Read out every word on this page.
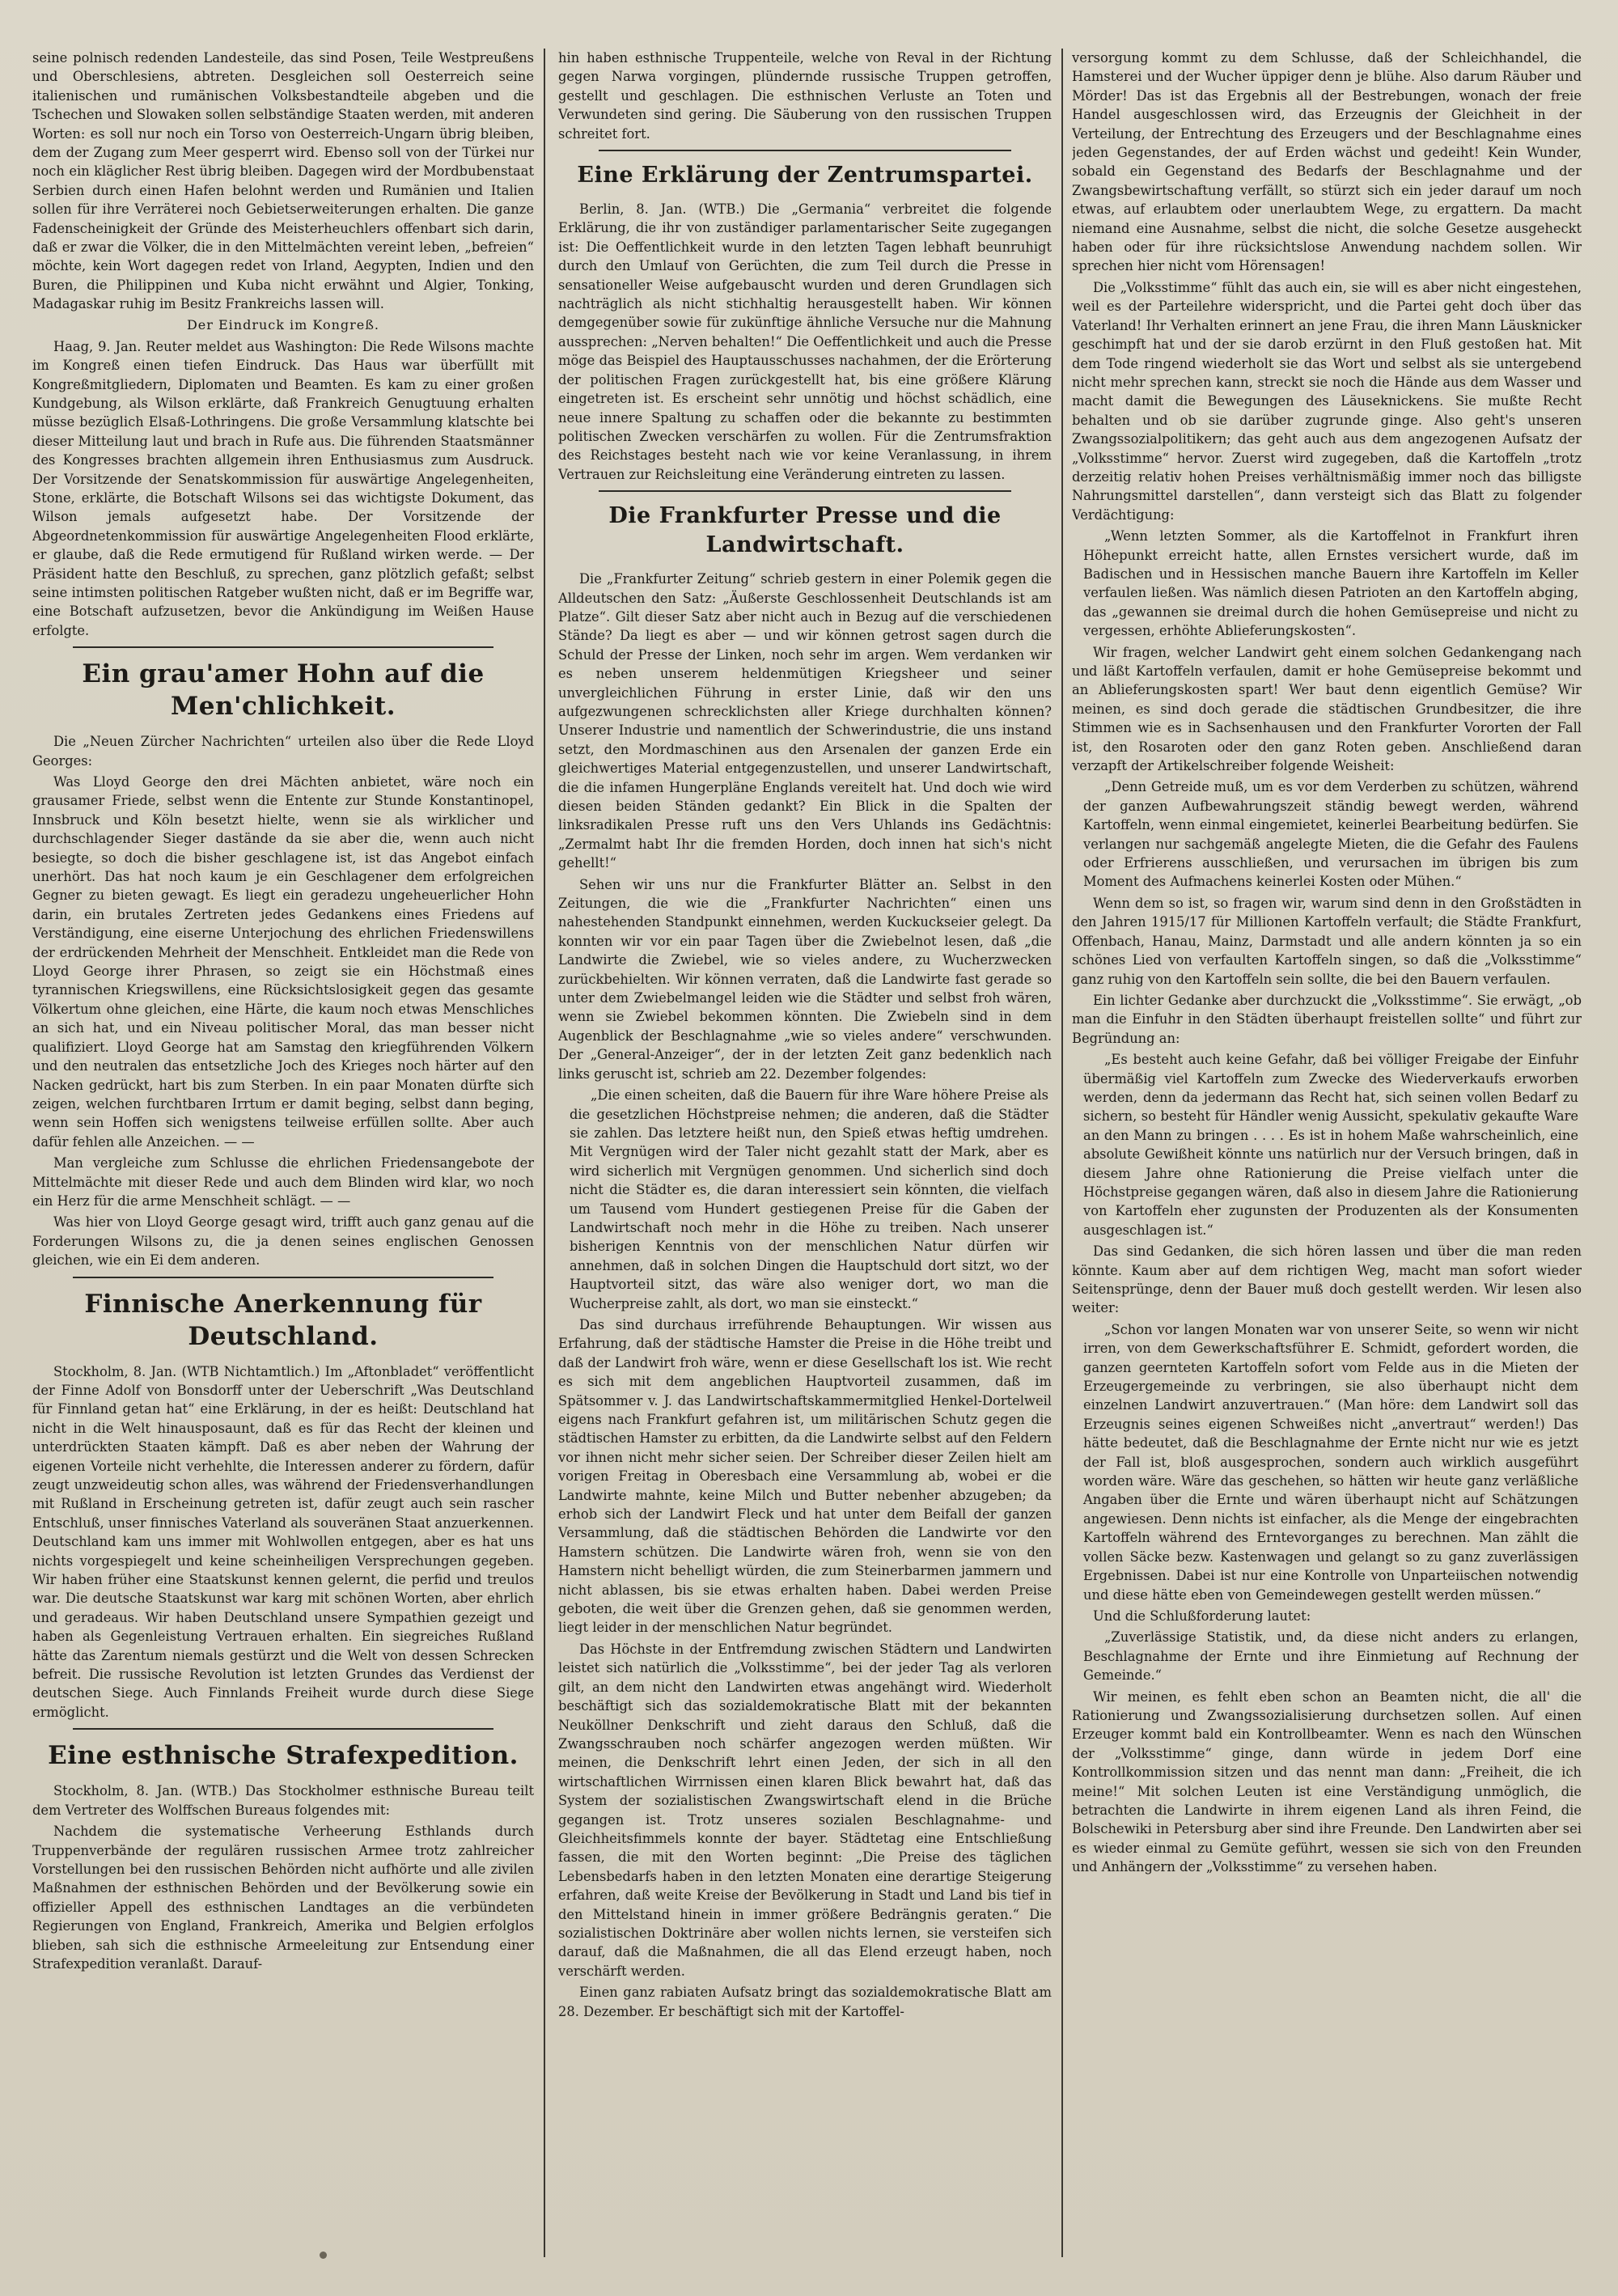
seine polnisch redenden Landesteile, das sind Posen, Teile Westpreußens und Oberschlesiens, abtreten. Desgleichen soll Oesterreich seine italienischen und rumänischen Volksbestandteile abgeben und die Tschechen und Slowaken sollen selbständige Staaten werden, mit anderen Worten: es soll nur noch ein Torso von Oesterreich-Ungarn übrig bleiben, dem der Zugang zum Meer gesperrt wird. Ebenso soll von der Türkei nur noch ein kläglicher Rest übrig bleiben. Dagegen wird der Mordbubenstaat Serbien durch einen Hafen belohnt werden und Rumänien und Italien sollen für ihre Verräterei noch Gebietserweiterungen erhalten. Die ganze Fadenscheinigkeit der Gründe des Meisterheuchlers offenbart sich darin, daß er zwar die Völker, die in den Mittelmächten vereint leben, „befreien“ möchte, kein Wort dagegen redet von Irland, Aegypten, Indien und den Buren, die Philippinen und Kuba nicht erwähnt und Algier, Tonking, Madagaskar ruhig im Besitz Frankreichs lassen will.

Der Eindruck im Kongreß.

Haag, 9. Jan. Reuter meldet aus Washington: Die Rede Wilsons machte im Kongreß einen tiefen Eindruck. Das Haus war überfüllt mit Kongreßmitgliedern, Diplomaten und Beamten. Es kam zu einer großen Kundgebung, als Wilson erklärte, daß Frankreich Genugtuung erhalten müsse bezüglich Elsaß-Lothringens. Die große Versammlung klatschte bei dieser Mitteilung laut und brach in Rufe aus. Die führenden Staatsmänner des Kongresses brachten allgemein ihren Enthusiasmus zum Ausdruck. Der Vorsitzende der Senatskommission für auswärtige Angelegenheiten, Stone, erklärte, die Botschaft Wilsons sei das wichtigste Dokument, das Wilson jemals aufgesetzt habe. Der Vorsitzende der Abgeordnetenkommission für auswärtige Angelegenheiten Flood erklärte, er glaube, daß die Rede ermutigend für Rußland wirken werde. — Der Präsident hatte den Beschluß, zu sprechen, ganz plötzlich gefaßt; selbst seine intimsten politischen Ratgeber wußten nicht, daß er im Begriffe war, eine Botschaft aufzusetzen, bevor die Ankündigung im Weißen Hause erfolgte.

Ein grau'amer Hohn auf die Men'chlichkeit.

Die „Neuen Zürcher Nachrichten“ urteilen also über die Rede Lloyd Georges:

Was Lloyd George den drei Mächten anbietet, wäre noch ein grausamer Friede, selbst wenn die Entente zur Stunde Konstantinopel, Innsbruck und Köln besetzt hielte, wenn sie als wirklicher und durchschlagender Sieger dastände da sie aber die, wenn auch nicht besiegte, so doch die bisher geschlagene ist, ist das Angebot einfach unerhört. Das hat noch kaum je ein Geschlagener dem erfolgreichen Gegner zu bieten gewagt. Es liegt ein geradezu ungeheuerlicher Hohn darin, ein brutales Zertreten jedes Gedankens eines Friedens auf Verständigung, eine eiserne Unterjochung des ehrlichen Friedenswillens der erdrückenden Mehrheit der Menschheit. Entkleidet man die Rede von Lloyd George ihrer Phrasen, so zeigt sie ein Höchstmaß eines tyrannischen Kriegswillens, eine Rücksichtslosigkeit gegen das gesamte Völkertum ohne gleichen, eine Härte, die kaum noch etwas Menschliches an sich hat, und ein Niveau politischer Moral, das man besser nicht qualifiziert. Lloyd George hat am Samstag den kriegführenden Völkern und den neutralen das entsetzliche Joch des Krieges noch härter auf den Nacken gedrückt, hart bis zum Sterben. In ein paar Monaten dürfte sich zeigen, welchen furchtbaren Irrtum er damit beging, selbst dann beging, wenn sein Hoffen sich wenigstens teilweise erfüllen sollte. Aber auch dafür fehlen alle Anzeichen. — —

Man vergleiche zum Schlusse die ehrlichen Friedensangebote der Mittelmächte mit dieser Rede und auch dem Blinden wird klar, wo noch ein Herz für die arme Menschheit schlägt. — —

Was hier von Lloyd George gesagt wird, trifft auch ganz genau auf die Forderungen Wilsons zu, die ja denen seines englischen Genossen gleichen, wie ein Ei dem anderen.

Finnische Anerkennung für Deutschland.

Stockholm, 8. Jan. (WTB Nichtamtlich.) Im „Aftonbladet“ veröffentlicht der Finne Adolf von Bonsdorff unter der Ueberschrift „Was Deutschland für Finnland getan hat“ eine Erklärung, in der es heißt: Deutschland hat nicht in die Welt hinausposaunt, daß es für das Recht der kleinen und unterdrückten Staaten kämpft. Daß es aber neben der Wahrung der eigenen Vorteile nicht verhehlte, die Interessen anderer zu fördern, dafür zeugt unzweideutig schon alles, was während der Friedensverhandlungen mit Rußland in Erscheinung getreten ist, dafür zeugt auch sein rascher Entschluß, unser finnisches Vaterland als souveränen Staat anzuerkennen. Deutschland kam uns immer mit Wohlwollen entgegen, aber es hat uns nichts vorgespiegelt und keine scheinheiligen Versprechungen gegeben. Wir haben früher eine Staatskunst kennen gelernt, die perfid und treulos war. Die deutsche Staatskunst war karg mit schönen Worten, aber ehrlich und geradeaus. Wir haben Deutschland unsere Sympathien gezeigt und haben als Gegenleistung Vertrauen erhalten. Ein siegreiches Rußland hätte das Zarentum niemals gestürzt und die Welt von dessen Schrecken befreit. Die russische Revolution ist letzten Grundes das Verdienst der deutschen Siege. Auch Finnlands Freiheit wurde durch diese Siege ermöglicht.

Eine esthnische Strafexpedition.

Stockholm, 8. Jan. (WTB.) Das Stockholmer esthnische Bureau teilt dem Vertreter des Wolffschen Bureaus folgendes mit:

Nachdem die systematische Verheerung Esthlands durch Truppenverbände der regulären russischen Armee trotz zahlreicher Vorstellungen bei den russischen Behörden nicht aufhörte und alle zivilen Maßnahmen der esthnischen Behörden und der Bevölkerung sowie ein offizieller Appell des esthnischen Landtages an die verbündeten Regierungen von England, Frankreich, Amerika und Belgien erfolglos blieben, sah sich die esthnische Armeeleitung zur Entsendung einer Strafexpedition veranlaßt. Darauf-

hin haben esthnische Truppenteile, welche von Reval in der Richtung gegen Narwa vorgingen, plündernde russische Truppen getroffen, gestellt und geschlagen. Die esthnischen Verluste an Toten und Verwundeten sind gering. Die Säuberung von den russischen Truppen schreitet fort.

Eine Erklärung der Zentrumspartei.

Berlin, 8. Jan. (WTB.) Die „Germania“ verbreitet die folgende Erklärung, die ihr von zuständiger parlamentarischer Seite zugegangen ist: Die Oeffentlichkeit wurde in den letzten Tagen lebhaft beunruhigt durch den Umlauf von Gerüchten, die zum Teil durch die Presse in sensationeller Weise aufgebauscht wurden und deren Grundlagen sich nachträglich als nicht stichhaltig herausgestellt haben. Wir können demgegenüber sowie für zukünftige ähnliche Versuche nur die Mahnung aussprechen: „Nerven behalten!“ Die Oeffentlichkeit und auch die Presse möge das Beispiel des Hauptausschusses nachahmen, der die Erörterung der politischen Fragen zurückgestellt hat, bis eine größere Klärung eingetreten ist. Es erscheint sehr unnötig und höchst schädlich, eine neue innere Spaltung zu schaffen oder die bekannte zu bestimmten politischen Zwecken verschärfen zu wollen. Für die Zentrumsfraktion des Reichstages besteht nach wie vor keine Veranlassung, in ihrem Vertrauen zur Reichsleitung eine Veränderung eintreten zu lassen.

Die Frankfurter Presse und die Landwirtschaft.

Die „Frankfurter Zeitung“ schrieb gestern in einer Polemik gegen die Alldeutschen den Satz: „Äußerste Geschlossenheit Deutschlands ist am Platze“. Gilt dieser Satz aber nicht auch in Bezug auf die verschiedenen Stände? Da liegt es aber — und wir können getrost sagen durch die Schuld der Presse der Linken, noch sehr im argen. Wem verdanken wir es neben unserem heldenmütigen Kriegsheer und seiner unvergleichlichen Führung in erster Linie, daß wir den uns aufgezwungenen schrecklichsten aller Kriege durchhalten können? Unserer Industrie und namentlich der Schwerindustrie, die uns instand setzt, den Mordmaschinen aus den Arsenalen der ganzen Erde ein gleichwertiges Material entgegenzustellen, und unserer Landwirtschaft, die die infamen Hungerpläne Englands vereitelt hat. Und doch wie wird diesen beiden Ständen gedankt? Ein Blick in die Spalten der linksradikalen Presse ruft uns den Vers Uhlands ins Gedächtnis: „Zermalmt habt Ihr die fremden Horden, doch innen hat sich's nicht gehellt!“

Sehen wir uns nur die Frankfurter Blätter an. Selbst in den Zeitungen, die wie die „Frankfurter Nachrichten“ einen uns nahestehenden Standpunkt einnehmen, werden Kuckuckseier gelegt. Da konnten wir vor ein paar Tagen über die Zwiebelnot lesen, daß „die Landwirte die Zwiebel, wie so vieles andere, zu Wucherzwecken zurückbehielten. Wir können verraten, daß die Landwirte fast gerade so unter dem Zwiebelmangel leiden wie die Städter und selbst froh wären, wenn sie Zwiebel bekommen könnten. Die Zwiebeln sind in dem Augenblick der Beschlagnahme „wie so vieles andere“ verschwunden. Der „General-Anzeiger“, der in der letzten Zeit ganz bedenklich nach links geruscht ist, schrieb am 22. Dezember folgendes:

„Die einen scheiten, daß die Bauern für ihre Ware höhere Preise als die gesetzlichen Höchstpreise nehmen; die anderen, daß die Städter sie zahlen. Das letztere heißt nun, den Spieß etwas heftig umdrehen. Mit Vergnügen wird der Taler nicht gezahlt statt der Mark, aber es wird sicherlich mit Vergnügen genommen. Und sicherlich sind doch nicht die Städter es, die daran interessiert sein könnten, die vielfach um Tausend vom Hundert gestiegenen Preise für die Gaben der Landwirtschaft noch mehr in die Höhe zu treiben. Nach unserer bisherigen Kenntnis von der menschlichen Natur dürfen wir annehmen, daß in solchen Dingen die Hauptschuld dort sitzt, wo der Hauptvorteil sitzt, das wäre also weniger dort, wo man die Wucherpreise zahlt, als dort, wo man sie einsteckt.“

Das sind durchaus irreführende Behauptungen. Wir wissen aus Erfahrung, daß der städtische Hamster die Preise in die Höhe treibt und daß der Landwirt froh wäre, wenn er diese Gesellschaft los ist. Wie recht es sich mit dem angeblichen Hauptvorteil zusammen, daß im Spätsommer v. J. das Landwirtschaftskammermitglied Henkel-Dortelweil eigens nach Frankfurt gefahren ist, um militärischen Schutz gegen die städtischen Hamster zu erbitten, da die Landwirte selbst auf den Feldern vor ihnen nicht mehr sicher seien. Der Schreiber dieser Zeilen hielt am vorigen Freitag in Oberesbach eine Versammlung ab, wobei er die Landwirte mahnte, keine Milch und Butter nebenher abzugeben; da erhob sich der Landwirt Fleck und hat unter dem Beifall der ganzen Versammlung, daß die städtischen Behörden die Landwirte vor den Hamstern schützen. Die Landwirte wären froh, wenn sie von den Hamstern nicht behelligt würden, die zum Steinerbarmen jammern und nicht ablassen, bis sie etwas erhalten haben. Dabei werden Preise geboten, die weit über die Grenzen gehen, daß sie genommen werden, liegt leider in der menschlichen Natur begründet.

Das Höchste in der Entfremdung zwischen Städtern und Landwirten leistet sich natürlich die „Volksstimme“, bei der jeder Tag als verloren gilt, an dem nicht den Landwirten etwas angehängt wird. Wiederholt beschäftigt sich das sozialdemokratische Blatt mit der bekannten Neuköllner Denkschrift und zieht daraus den Schluß, daß die Zwangsschrauben noch schärfer angezogen werden müßten. Wir meinen, die Denkschrift lehrt einen Jeden, der sich in all den wirtschaftlichen Wirrnissen einen klaren Blick bewahrt hat, daß das System der sozialistischen Zwangswirtschaft elend in die Brüche gegangen ist. Trotz unseres sozialen Beschlagnahme- und Gleichheitsfimmels konnte der bayer. Städtetag eine Entschließung fassen, die mit den Worten beginnt: „Die Preise des täglichen Lebensbedarfs haben in den letzten Monaten eine derartige Steigerung erfahren, daß weite Kreise der Bevölkerung in Stadt und Land bis tief in den Mittelstand hinein in immer größere Bedrängnis geraten.“ Die sozialistischen Doktrinäre aber wollen nichts lernen, sie versteifen sich darauf, daß die Maßnahmen, die all das Elend erzeugt haben, noch verschärft werden.

Einen ganz rabiaten Aufsatz bringt das sozialdemokratische Blatt am 28. Dezember. Er beschäftigt sich mit der Kartoffel-

versorgung kommt zu dem Schlusse, daß der Schleichhandel, die Hamsterei und der Wucher üppiger denn je blühe. Also darum Räuber und Mörder! Das ist das Ergebnis all der Bestrebungen, wonach der freie Handel ausgeschlossen wird, das Erzeugnis der Gleichheit in der Verteilung, der Entrechtung des Erzeugers und der Beschlagnahme eines jeden Gegenstandes, der auf Erden wächst und gedeiht! Kein Wunder, sobald ein Gegenstand des Bedarfs der Beschlagnahme und der Zwangsbewirtschaftung verfällt, so stürzt sich ein jeder darauf um noch etwas, auf erlaubtem oder unerlaubtem Wege, zu ergattern. Da macht niemand eine Ausnahme, selbst die nicht, die solche Gesetze ausgeheckt haben oder für ihre rücksichtslose Anwendung nachdem sollen. Wir sprechen hier nicht vom Hörensagen!

Die „Volksstimme“ fühlt das auch ein, sie will es aber nicht eingestehen, weil es der Parteilehre widerspricht, und die Partei geht doch über das Vaterland! Ihr Verhalten erinnert an jene Frau, die ihren Mann Läusknicker geschimpft hat und der sie darob erzürnt in den Fluß gestoßen hat. Mit dem Tode ringend wiederholt sie das Wort und selbst als sie untergebend nicht mehr sprechen kann, streckt sie noch die Hände aus dem Wasser und macht damit die Bewegungen des Läuseknickens. Sie mußte Recht behalten und ob sie darüber zugrunde ginge. Also geht's unseren Zwangssozialpolitikern; das geht auch aus dem angezogenen Aufsatz der „Volksstimme“ hervor. Zuerst wird zugegeben, daß die Kartoffeln „trotz derzeitig relativ hohen Preises verhältnismäßig immer noch das billigste Nahrungsmittel darstellen“, dann versteigt sich das Blatt zu folgender Verdächtigung:

„Wenn letzten Sommer, als die Kartoffelnot in Frankfurt ihren Höhepunkt erreicht hatte, allen Ernstes versichert wurde, daß im Badischen und in Hessischen manche Bauern ihre Kartoffeln im Keller verfaulen ließen. Was nämlich diesen Patrioten an den Kartoffeln abging, das „gewannen sie dreimal durch die hohen Gemüsepreise und nicht zu vergessen, erhöhte Ablieferungskosten“.

Wir fragen, welcher Landwirt geht einem solchen Gedankengang nach und läßt Kartoffeln verfaulen, damit er hohe Gemüsepreise bekommt und an Ablieferungskosten spart! Wer baut denn eigentlich Gemüse? Wir meinen, es sind doch gerade die städtischen Grundbesitzer, die ihre Stimmen wie es in Sachsenhausen und den Frankfurter Vororten der Fall ist, den Rosaroten oder den ganz Roten geben. Anschließend daran verzapft der Artikelschreiber folgende Weisheit:

„Denn Getreide muß, um es vor dem Verderben zu schützen, während der ganzen Aufbewahrungszeit ständig bewegt werden, während Kartoffeln, wenn einmal eingemietet, keinerlei Bearbeitung bedürfen. Sie verlangen nur sachgemäß angelegte Mieten, die die Gefahr des Faulens oder Erfrierens ausschließen, und verursachen im übrigen bis zum Moment des Aufmachens keinerlei Kosten oder Mühen.“

Wenn dem so ist, so fragen wir, warum sind denn in den Großstädten in den Jahren 1915/17 für Millionen Kartoffeln verfault; die Städte Frankfurt, Offenbach, Hanau, Mainz, Darmstadt und alle andern könnten ja so ein schönes Lied von verfaulten Kartoffeln singen, so daß die „Volksstimme“ ganz ruhig von den Kartoffeln sein sollte, die bei den Bauern verfaulen.

Ein lichter Gedanke aber durchzuckt die „Volksstimme“. Sie erwägt, „ob man die Einfuhr in den Städten überhaupt freistellen sollte“ und führt zur Begründung an:

„Es besteht auch keine Gefahr, daß bei völliger Freigabe der Einfuhr übermäßig viel Kartoffeln zum Zwecke des Wiederverkaufs erworben werden, denn da jedermann das Recht hat, sich seinen vollen Bedarf zu sichern, so besteht für Händler wenig Aussicht, spekulativ gekaufte Ware an den Mann zu bringen . . . . Es ist in hohem Maße wahrscheinlich, eine absolute Gewißheit könnte uns natürlich nur der Versuch bringen, daß in diesem Jahre ohne Rationierung die Preise vielfach unter die Höchstpreise gegangen wären, daß also in diesem Jahre die Rationierung von Kartoffeln eher zugunsten der Produzenten als der Konsumenten ausgeschlagen ist.“

Das sind Gedanken, die sich hören lassen und über die man reden könnte. Kaum aber auf dem richtigen Weg, macht man sofort wieder Seitensprünge, denn der Bauer muß doch gestellt werden. Wir lesen also weiter:

„Schon vor langen Monaten war von unserer Seite, so wenn wir nicht irren, von dem Gewerkschaftsführer E. Schmidt, gefordert worden, die ganzen geernteten Kartoffeln sofort vom Felde aus in die Mieten der Erzeugergemeinde zu verbringen, sie also überhaupt nicht dem einzelnen Landwirt anzuvertrauen.“ (Man höre: dem Landwirt soll das Erzeugnis seines eigenen Schweißes nicht „anvertraut“ werden!) Das hätte bedeutet, daß die Beschlagnahme der Ernte nicht nur wie es jetzt der Fall ist, bloß ausgesprochen, sondern auch wirklich ausgeführt worden wäre. Wäre das geschehen, so hätten wir heute ganz verläßliche Angaben über die Ernte und wären überhaupt nicht auf Schätzungen angewiesen. Denn nichts ist einfacher, als die Menge der eingebrachten Kartoffeln während des Erntevorganges zu berechnen. Man zählt die vollen Säcke bezw. Kastenwagen und gelangt so zu ganz zuverlässigen Ergebnissen. Dabei ist nur eine Kontrolle von Unparteiischen notwendig und diese hätte eben von Gemeindewegen gestellt werden müssen.“

Und die Schlußforderung lautet:

„Zuverlässige Statistik, und, da diese nicht anders zu erlangen, Beschlagnahme der Ernte und ihre Einmietung auf Rechnung der Gemeinde.“

Wir meinen, es fehlt eben schon an Beamten nicht, die all' die Rationierung und Zwangssozialisierung durchsetzen sollen. Auf einen Erzeuger kommt bald ein Kontrollbeamter. Wenn es nach den Wünschen der „Volksstimme“ ginge, dann würde in jedem Dorf eine Kontrollkommission sitzen und das nennt man dann: „Freiheit, die ich meine!“ Mit solchen Leuten ist eine Verständigung unmöglich, die betrachten die Landwirte in ihrem eigenen Land als ihren Feind, die Bolschewiki in Petersburg aber sind ihre Freunde. Den Landwirten aber sei es wieder einmal zu Gemüte geführt, wessen sie sich von den Freunden und Anhängern der „Volksstimme“ zu versehen haben.
